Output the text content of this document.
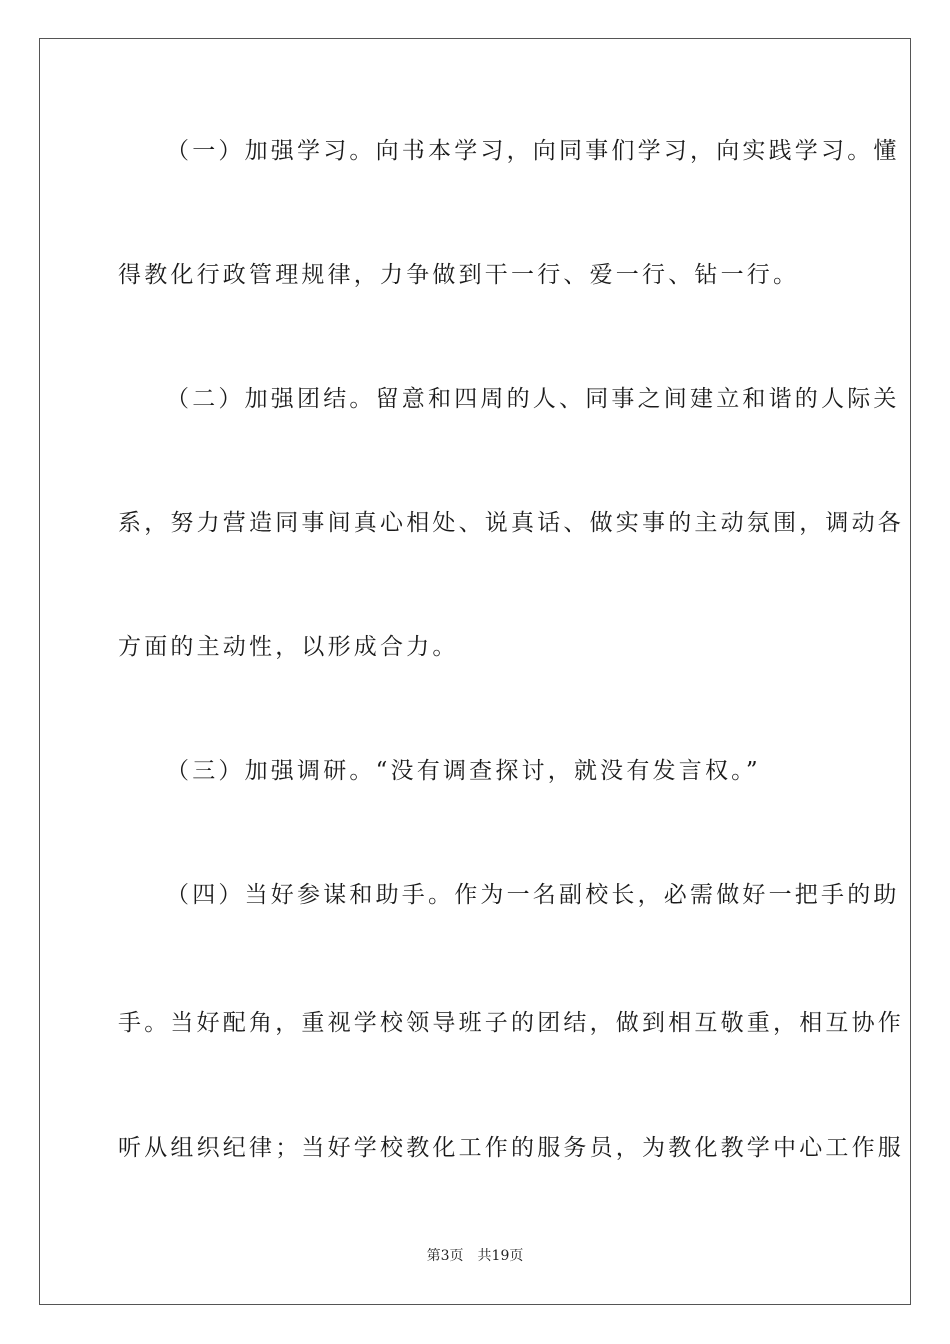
（一）加强学习。向书本学习，向同事们学习，向实践学习。懂

得教化行政管理规律，力争做到干一行、爱一行、钻一行。

（二）加强团结。留意和四周的人、同事之间建立和谐的人际关

系，努力营造同事间真心相处、说真话、做实事的主动氛围，调动各

方面的主动性，以形成合力。

（三）加强调研。“没有调查探讨，就没有发言权。”

（四）当好参谋和助手。作为一名副校长，必需做好一把手的助

手。当好配角，重视学校领导班子的团结，做到相互敬重，相互协作

听从组织纪律；当好学校教化工作的服务员，为教化教学中心工作服

第3页 共19页
